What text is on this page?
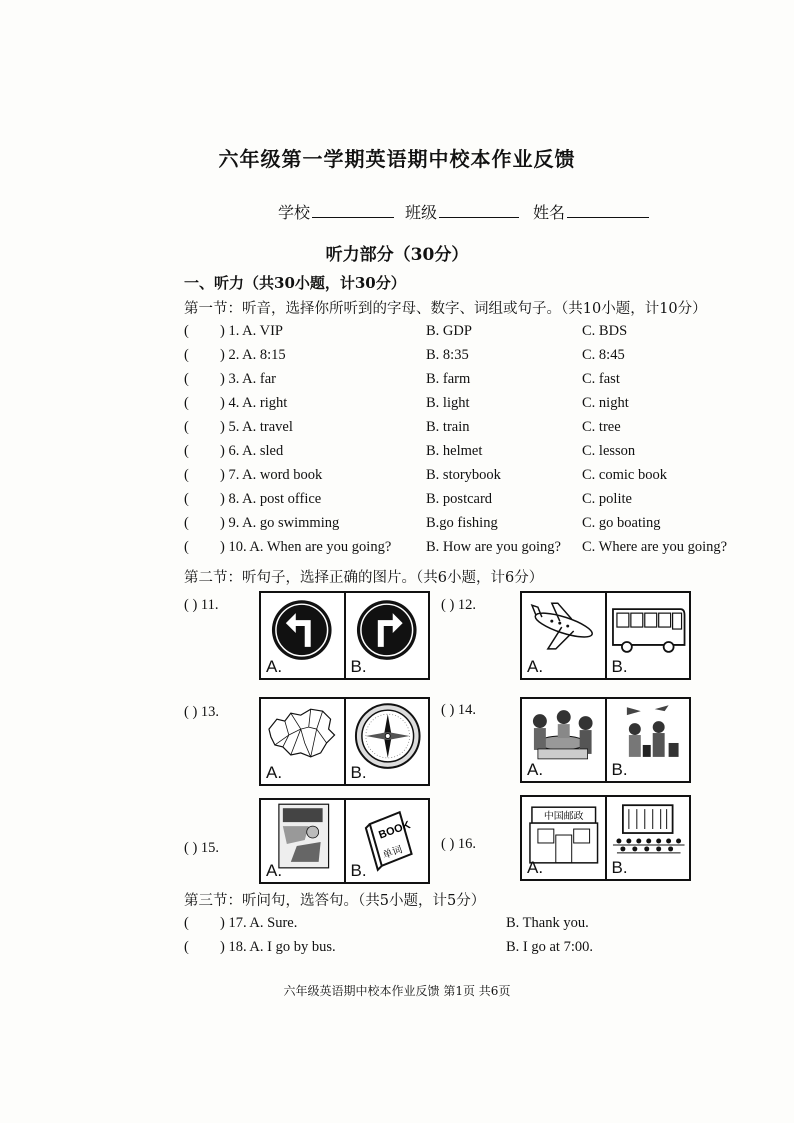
六年级第一学期英语期中校本作业反馈
学校	班级	姓名
听力部分（30分）
一、听力（共30小题，计30分）
第一节：听音，选择你所听到的字母、数字、词组或句子。（共10小题，计10分）
( ) 1. A. VIP	B. GDP	C. BDS
( ) 2. A. 8:15	B. 8:35	C. 8:45
( ) 3. A. far	B. farm	C. fast
( ) 4. A. right	B. light	C. night
( ) 5. A. travel	B. train	C. tree
( ) 6. A. sled	B. helmet	C. lesson
( ) 7. A. word book	B. storybook	C. comic book
( ) 8. A. post office	B. postcard	C. polite
( ) 9. A. go swimming	B.go fishing	C. go boating
( ) 10. A. When are you going? B. How are you going? C. Where are you going?
第二节：听句子，选择正确的图片。（共6小题，计6分）
( ) 11.
A.	B.
( ) 12.
A.	B.
( ) 13.
A.	B.
( ) 14.
A.	B.
( ) 15.
A.
BOOK
单词
B.
( ) 16.
中国邮政
A.	B.
第三节：听问句，选答句。（共5小题，计5分）
( ) 17. A. Sure.	B. Thank you.
( ) 18. A. I go by bus.	B. I go at 7:00.
六年级英语期中校本作业反馈 第1页 共6页
